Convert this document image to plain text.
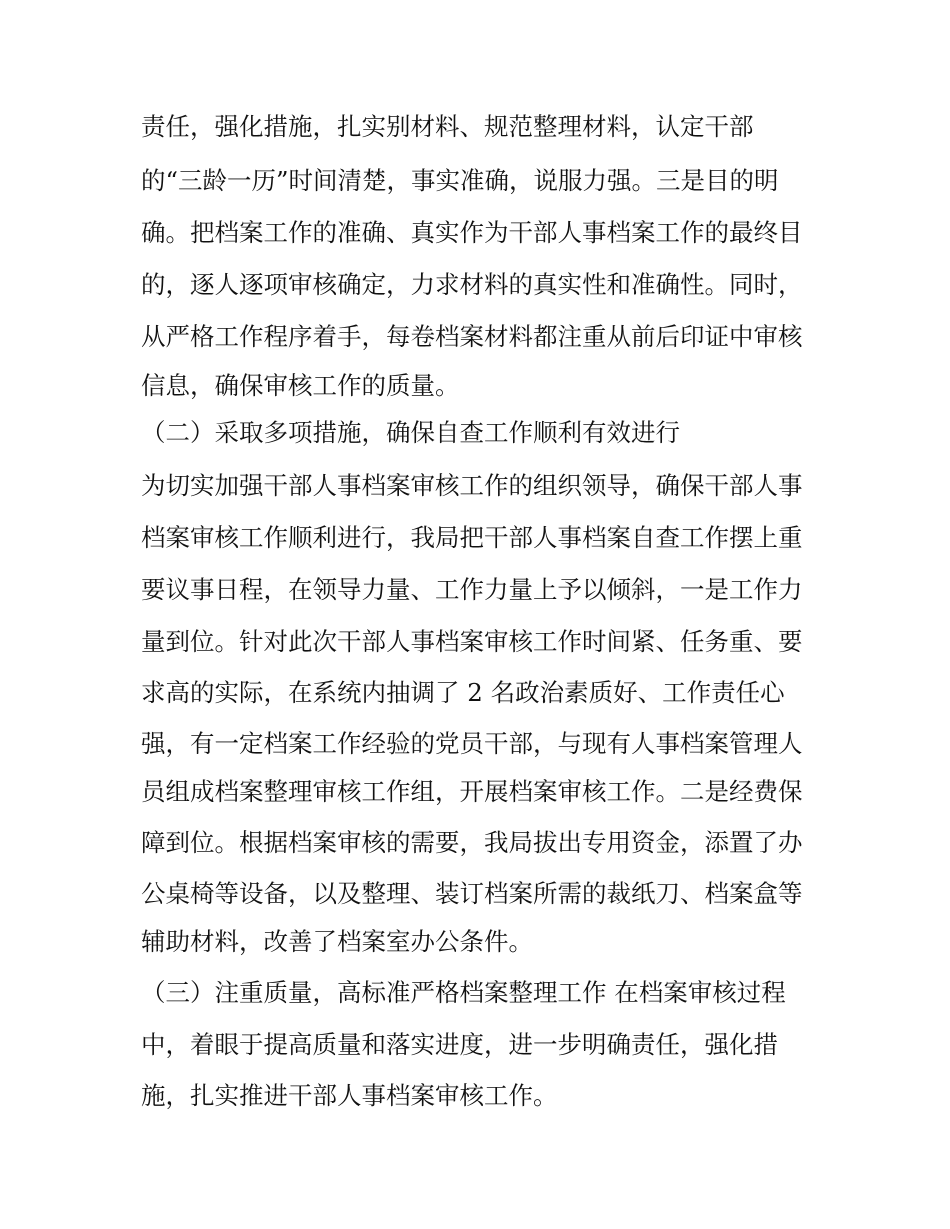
责任，强化措施，扎实别材料、规范整理材料，认定干部
的“三龄一历”时间清楚，事实准确，说服力强。三是目的明
确。把档案工作的准确、真实作为干部人事档案工作的最终目
的，逐人逐项审核确定，力求材料的真实性和准确性。同时，
从严格工作程序着手，每卷档案材料都注重从前后印证中审核
信息，确保审核工作的质量。
（二）采取多项措施，确保自查工作顺利有效进行
为切实加强干部人事档案审核工作的组织领导，确保干部人事
档案审核工作顺利进行，我局把干部人事档案自查工作摆上重
要议事日程，在领导力量、工作力量上予以倾斜，一是工作力
量到位。针对此次干部人事档案审核工作时间紧、任务重、要
求高的实际，在系统内抽调了 2 名政治素质好、工作责任心
强，有一定档案工作经验的党员干部，与现有人事档案管理人
员组成档案整理审核工作组，开展档案审核工作。二是经费保
障到位。根据档案审核的需要，我局拔出专用资金，添置了办
公桌椅等设备，以及整理、装订档案所需的裁纸刀、档案盒等
辅助材料，改善了档案室办公条件。
（三）注重质量，高标准严格档案整理工作 在档案审核过程
中，着眼于提高质量和落实进度，进一步明确责任，强化措
施，扎实推进干部人事档案审核工作。
